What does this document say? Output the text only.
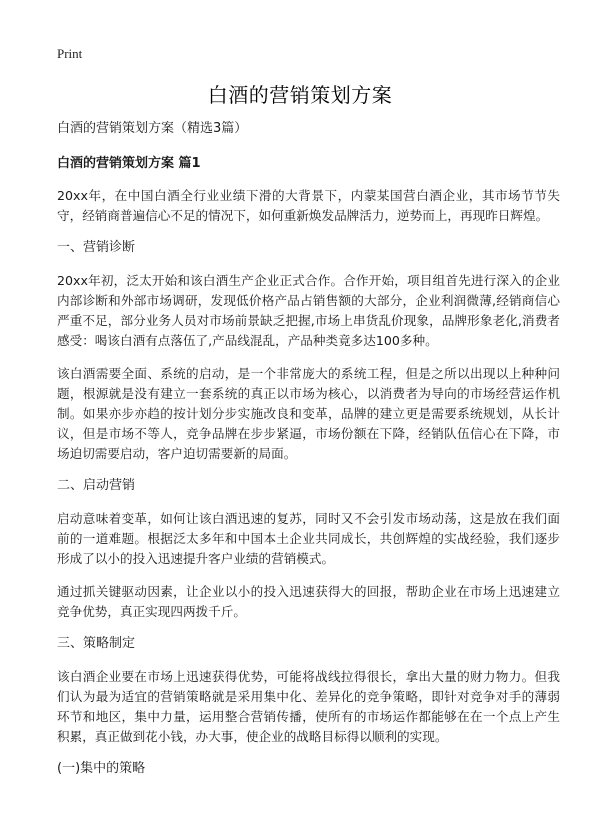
Print
白酒的营销策划方案

白酒的营销策划方案（精选3篇）

白酒的营销策划方案 篇1

20xx年，在中国白酒全行业业绩下滑的大背景下，内蒙某国营白酒企业，其市场节节失守，经销商普遍信心不足的情况下，如何重新焕发品牌活力，逆势而上，再现昨日辉煌。

一、营销诊断

20xx年初，泛太开始和该白酒生产企业正式合作。合作开始，项目组首先进行深入的企业内部诊断和外部市场调研，发现低价格产品占销售额的大部分，企业利润微薄,经销商信心严重不足，部分业务人员对市场前景缺乏把握,市场上串货乱价现象，品牌形象老化,消费者感受：喝该白酒有点落伍了,产品线混乱，产品种类竟多达100多种。

该白酒需要全面、系统的启动，是一个非常庞大的系统工程，但是之所以出现以上种种问题，根源就是没有建立一套系统的真正以市场为核心，以消费者为导向的市场经营运作机制。如果亦步亦趋的按计划分步实施改良和变革，品牌的建立更是需要系统规划，从长计议，但是市场不等人，竞争品牌在步步紧逼，市场份额在下降，经销队伍信心在下降，市场迫切需要启动，客户迫切需要新的局面。

二、启动营销

启动意味着变革，如何让该白酒迅速的复苏，同时又不会引发市场动荡，这是放在我们面前的一道难题。根据泛太多年和中国本土企业共同成长，共创辉煌的实战经验，我们逐步形成了以小的投入迅速提升客户业绩的营销模式。

通过抓关键驱动因素，让企业以小的投入迅速获得大的回报，帮助企业在市场上迅速建立竞争优势，真正实现四两拨千斤。

三、策略制定

该白酒企业要在市场上迅速获得优势，可能将战线拉得很长，拿出大量的财力物力。但我们认为最为适宜的营销策略就是采用集中化、差异化的竞争策略，即针对竞争对手的薄弱环节和地区，集中力量，运用整合营销传播，使所有的市场运作都能够在在一个点上产生积累，真正做到花小钱，办大事，使企业的战略目标得以顺利的实现。

(一)集中的策略
